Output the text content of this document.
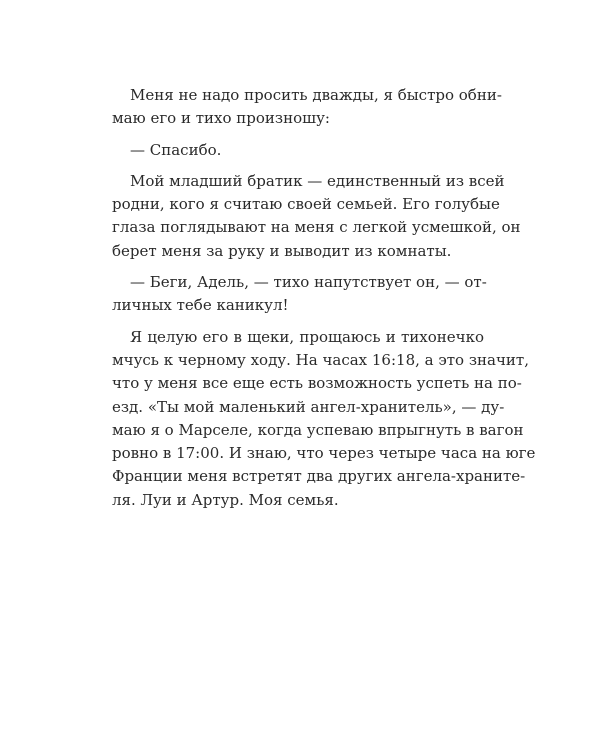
Меня не надо просить дважды, я быстро обни-
маю его и тихо произношу:
— Спасибо.
Мой младший братик — единственный из всей
родни, кого я считаю своей семьей. Его голубые
глаза поглядывают на меня с легкой усмешкой, он
берет меня за руку и выводит из комнаты.
— Беги, Адель, — тихо напутствует он, — от-
личных тебе каникул!
Я целую его в щеки, прощаюсь и тихонечко
мчусь к черному ходу. На часах 16:18, а это значит,
что у меня все еще есть возможность успеть на по-
езд. «Ты мой маленький ангел-хранитель», — ду-
маю я о Марселе, когда успеваю впрыгнуть в вагон
ровно в 17:00. И знаю, что через четыре часа на юге
Франции меня встретят два других ангела-храните-
ля. Луи и Артур. Моя семья.
